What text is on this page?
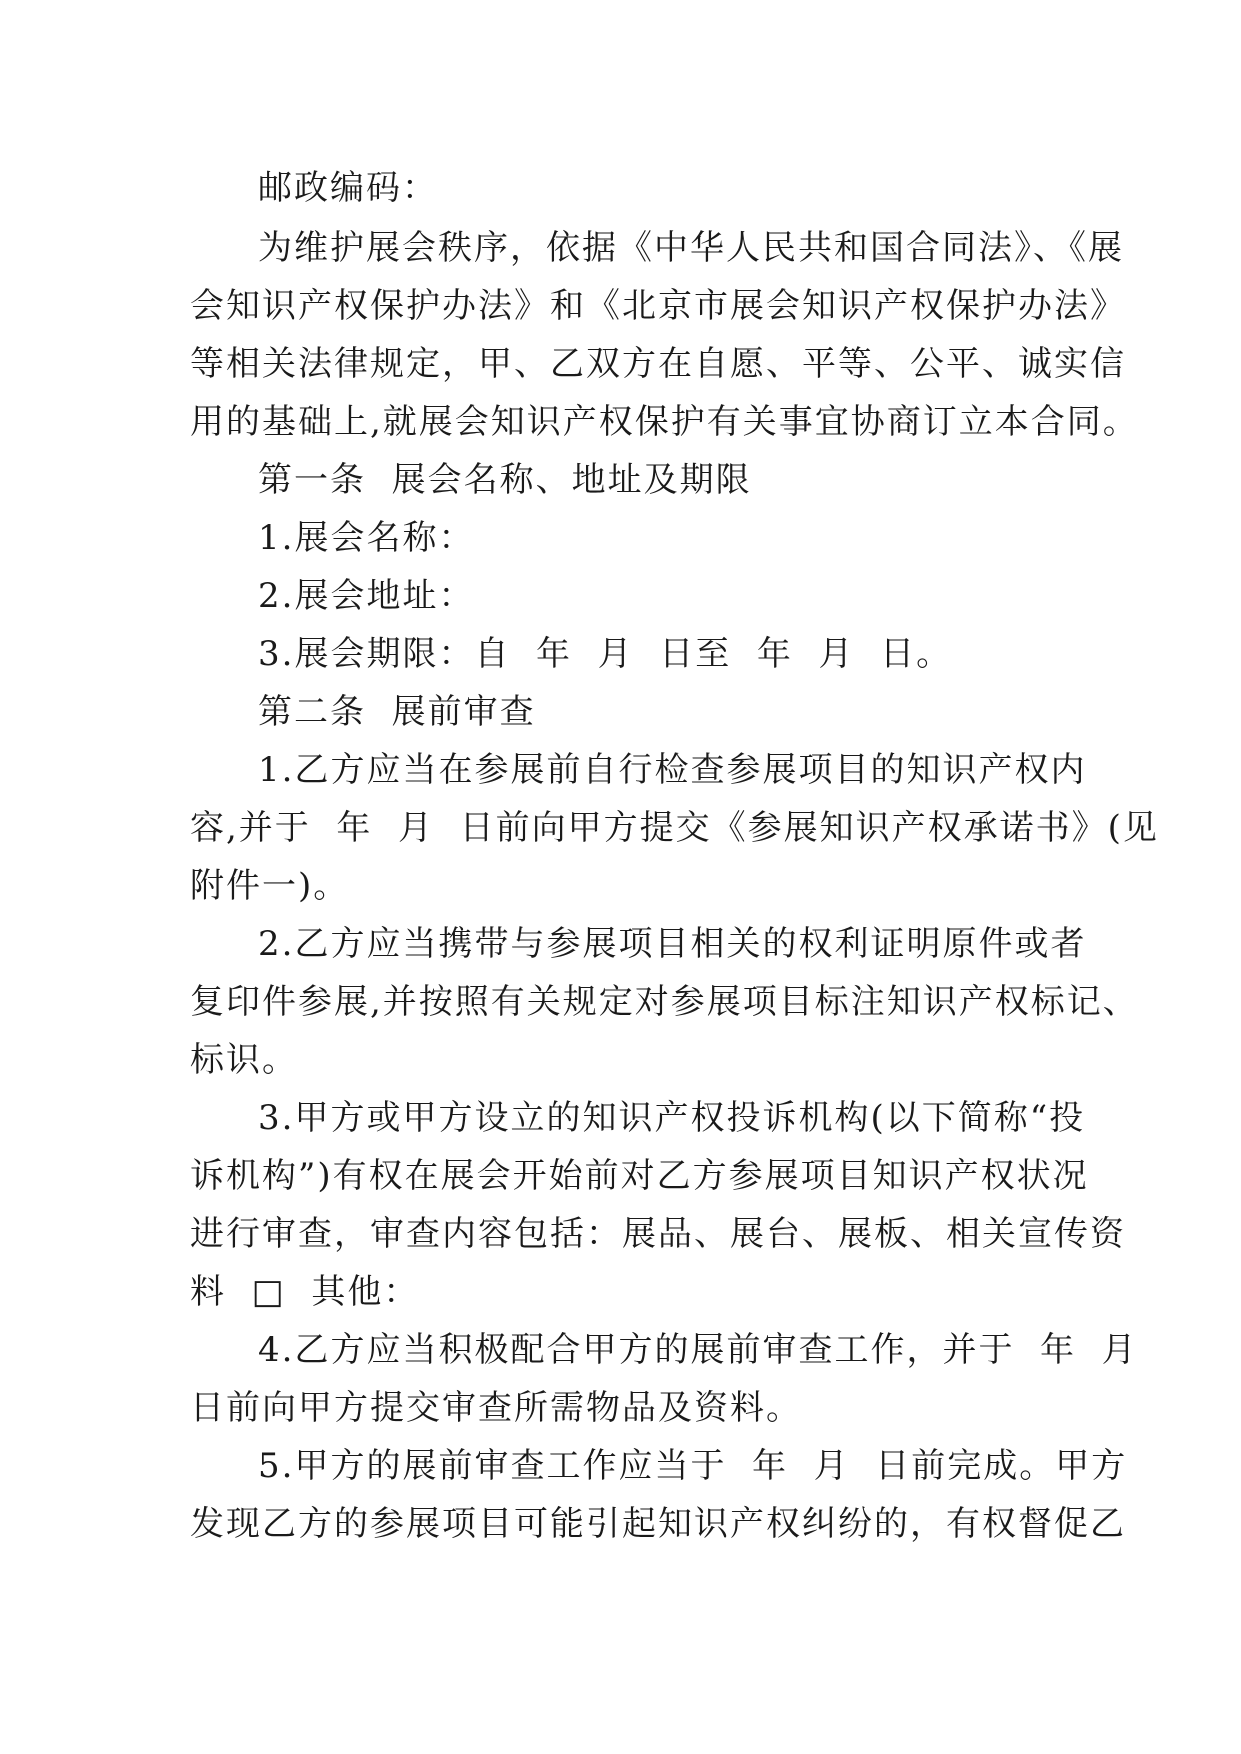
邮政编码：
为维护展会秩序，依据《中华人民共和国合同法》、《展
会知识产权保护办法》和《北京市展会知识产权保护办法》
等相关法律规定，甲、乙双方在自愿、平等、公平、诚实信
用的基础上,就展会知识产权保护有关事宜协商订立本合同。
第一条  展会名称、地址及期限
1.展会名称：
2.展会地址：
3.展会期限：自  年  月  日至  年  月  日。
第二条  展前审查
1.乙方应当在参展前自行检查参展项目的知识产权内
容,并于  年  月  日前向甲方提交《参展知识产权承诺书》(见
附件一)。
2.乙方应当携带与参展项目相关的权利证明原件或者
复印件参展,并按照有关规定对参展项目标注知识产权标记、
标识。
3.甲方或甲方设立的知识产权投诉机构(以下简称“投
诉机构”)有权在展会开始前对乙方参展项目知识产权状况
进行审查，审查内容包括：展品、展台、展板、相关宣传资
料  □  其他：
4.乙方应当积极配合甲方的展前审查工作，并于  年  月
日前向甲方提交审查所需物品及资料。
5.甲方的展前审查工作应当于  年  月  日前完成。甲方
发现乙方的参展项目可能引起知识产权纠纷的，有权督促乙
